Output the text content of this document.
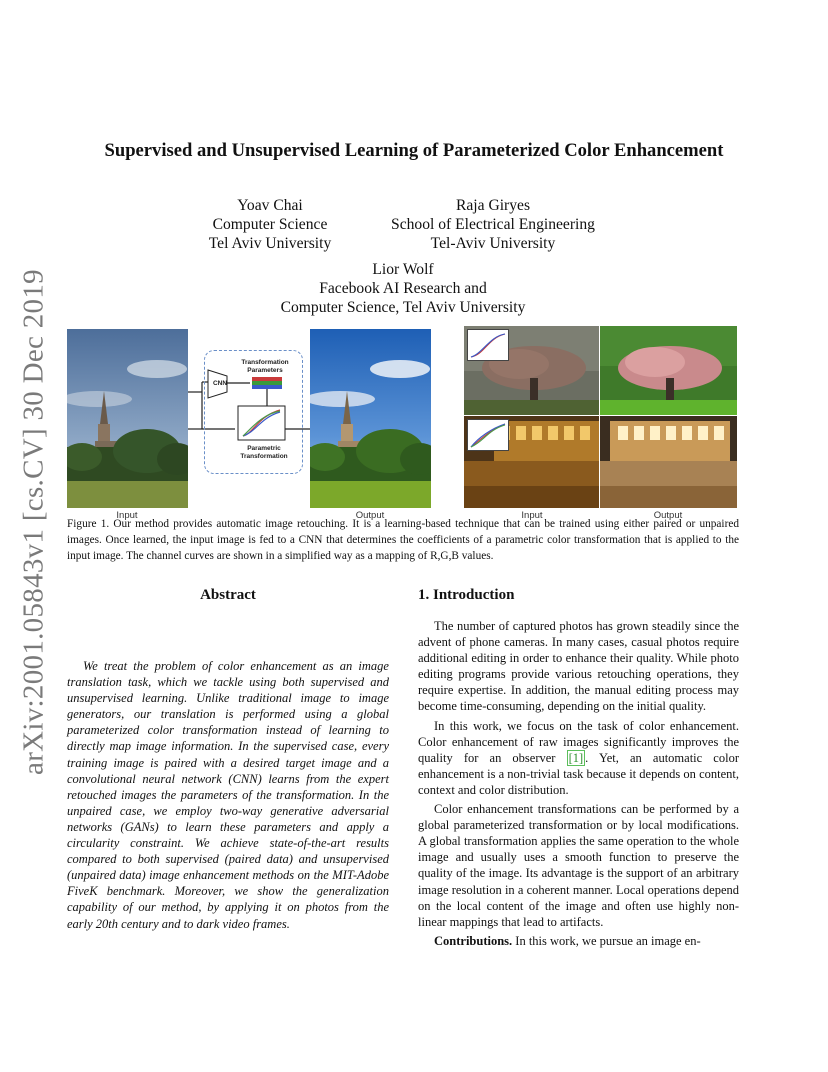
arXiv:2001.05843v1 [cs.CV] 30 Dec 2019
Supervised and Unsupervised Learning of Parameterized Color Enhancement
Yoav Chai
Computer Science
Tel Aviv University
Raja Giryes
School of Electrical Engineering
Tel-Aviv University
Lior Wolf
Facebook AI Research and
Computer Science, Tel Aviv University
CNN
Transformation Parameters
Parametric Transformation
Input	Output	Input	Output
Figure 1. Our method provides automatic image retouching. It is a learning-based technique that can be trained using either paired or unpaired images. Once learned, the input image is fed to a CNN that determines the coefficients of a parametric color transformation that is applied to the input image. The channel curves are shown in a simplified way as a mapping of R,G,B values.
Abstract

We treat the problem of color enhancement as an image translation task, which we tackle using both supervised and unsupervised learning. Unlike traditional image to image generators, our translation is performed using a global parameterized color transformation instead of learning to directly map image information. In the supervised case, every training image is paired with a desired target image and a convolutional neural network (CNN) learns from the expert retouched images the parameters of the transformation. In the unpaired case, we employ two-way generative adversarial networks (GANs) to learn these parameters and apply a circularity constraint. We achieve state-of-the-art results compared to both supervised (paired data) and unsupervised (unpaired data) image enhancement methods on the MIT-Adobe FiveK benchmark. Moreover, we show the generalization capability of our method, by applying it on photos from the early 20th century and to dark video frames.

1. Introduction

The number of captured photos has grown steadily since the advent of phone cameras. In many cases, casual photos require additional editing in order to enhance their quality. While photo editing programs provide various retouching operations, they require expertise. In addition, the manual editing process may become time-consuming, depending on the initial quality.

In this work, we focus on the task of color enhancement. Color enhancement of raw images significantly improves the quality for an observer [1] . Yet, an automatic color enhancement is a non-trivial task because it depends on content, context and color distribution.

Color enhancement transformations can be performed by a global parameterized transformation or by local modifications. A global transformation applies the same operation to the whole image and usually uses a smooth function to preserve the quality of the image. Its advantage is the support of an arbitrary image resolution in a coherent manner. Local operations depend on the local content of the image and often use highly non-linear mappings that lead to artifacts.

Contributions. In this work, we pursue an image en-
